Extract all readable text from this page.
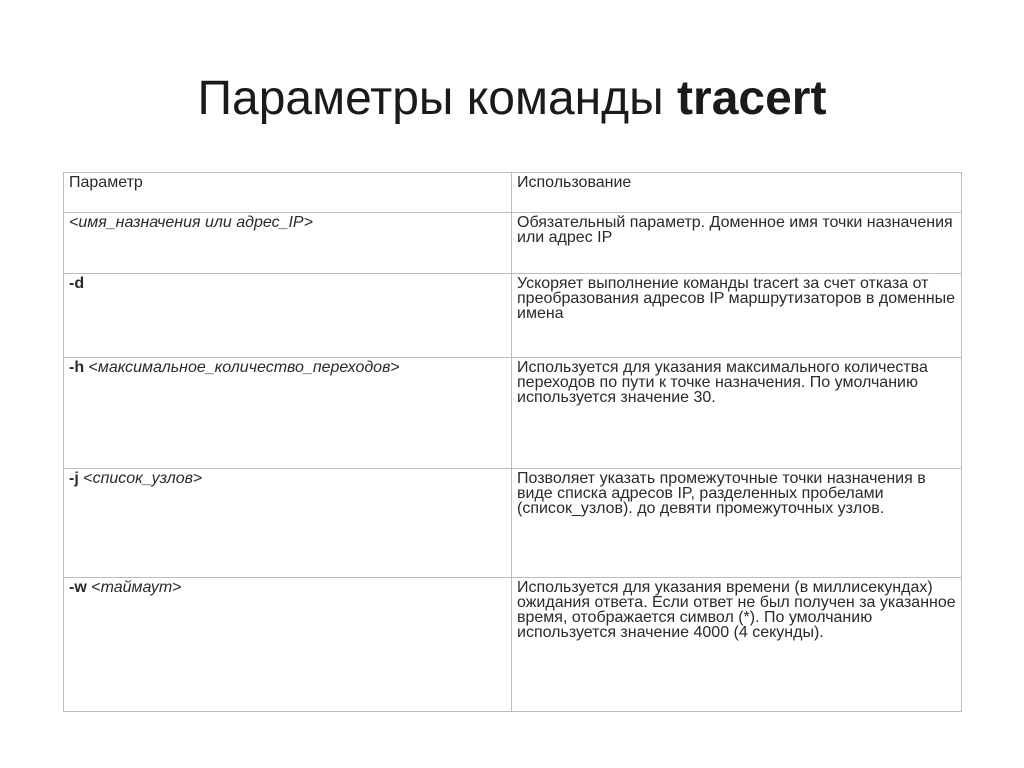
Параметры команды tracert
Параметр	Использование
<имя_назначения или адрес_IP>	Обязательный параметр. Доменное имя точки назначения или адрес IP
-d	Ускоряет выполнение команды tracert за счет отказа от преобразования адресов IP маршрутизаторов в доменные имена
-h <максимальное_количество_переходов>	Используется для указания максимального количества переходов по пути к точке назначения. По умолчанию используется значение 30.
-j <список_узлов>	Позволяет указать промежуточные точки назначения в виде списка адресов IP, разделенных пробелами (список_узлов). до девяти промежуточных узлов.
-w <таймаут>	Используется для указания времени (в миллисекундах) ожидания ответа. Если ответ не был получен за указанное время, отображается символ (*). По умолчанию используется значение 4000 (4 секунды).
